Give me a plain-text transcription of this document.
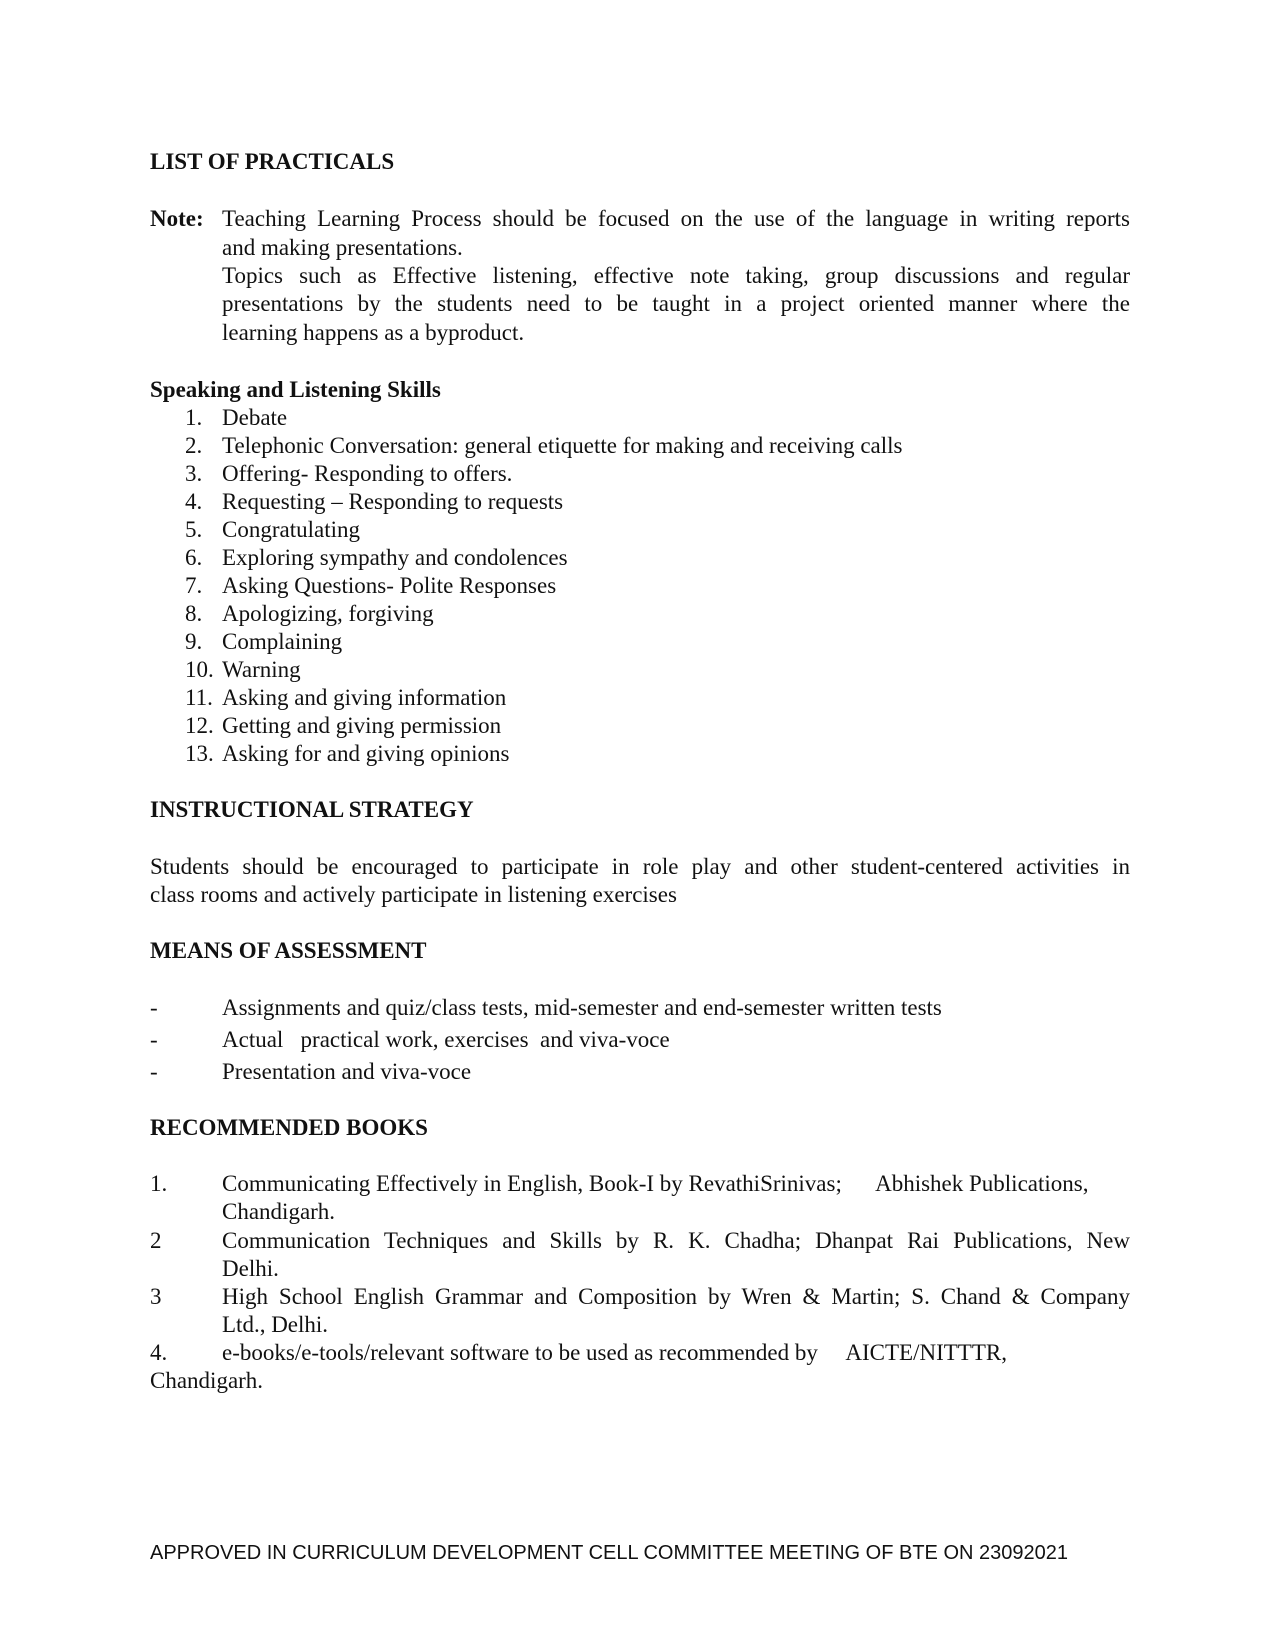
LIST OF PRACTICALS
Note: Teaching Learning Process should be focused on the use of the language in writing reports
and making presentations.
Topics such as Effective listening, effective note taking, group discussions and regular
presentations by the students need to be taught in a project oriented manner where the
learning happens as a byproduct.
Speaking and Listening Skills
1. Debate
2. Telephonic Conversation: general etiquette for making and receiving calls
3. Offering- Responding to offers.
4. Requesting – Responding to requests
5. Congratulating
6. Exploring sympathy and condolences
7. Asking Questions- Polite Responses
8. Apologizing, forgiving
9. Complaining
10. Warning
11. Asking and giving information
12. Getting and giving permission
13. Asking for and giving opinions
INSTRUCTIONAL STRATEGY
Students should be encouraged to participate in role play and other student-centered activities in
class rooms and actively participate in listening exercises
MEANS OF ASSESSMENT
-	Assignments and quiz/class tests, mid-semester and end-semester written tests
-	Actual   practical work, exercises  and viva-voce
-	Presentation and viva-voce
RECOMMENDED BOOKS
1. Communicating Effectively in English, Book-I by RevathiSrinivas;      Abhishek Publications,
Chandigarh.
2	Communication Techniques and Skills by R. K. Chadha; Dhanpat Rai Publications, New
Delhi.
3	High School English Grammar and Composition by Wren & Martin; S. Chand & Company
Ltd., Delhi.
4. e-books/e-tools/relevant software to be used as recommended by     AICTE/NITTTR,
Chandigarh.
APPROVED IN CURRICULUM DEVELOPMENT CELL COMMITTEE MEETING OF BTE ON 23092021
